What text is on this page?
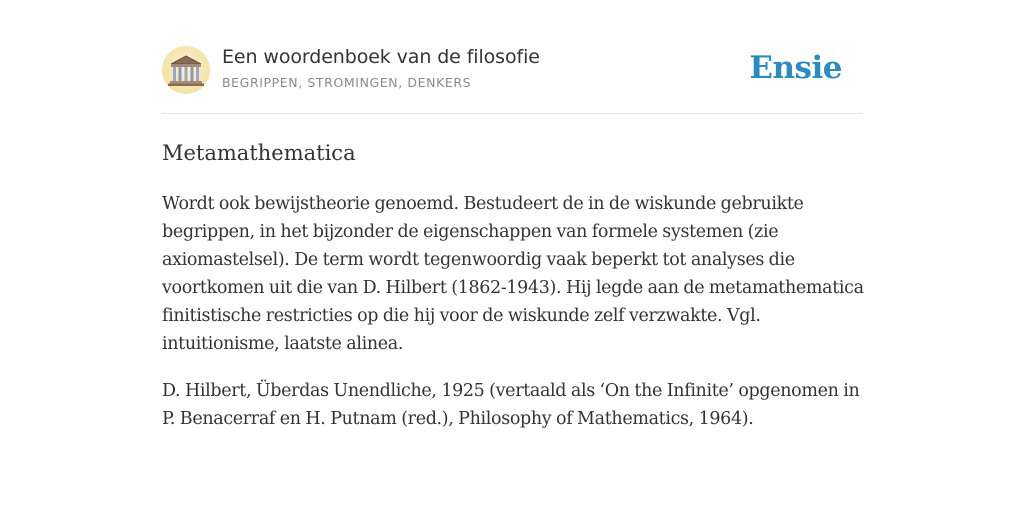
Een woordenboek van de filosofie
BEGRIPPEN, STROMINGEN, DENKERS	Ensie
Metamathematica

Wordt ook bewijstheorie genoemd. Bestudeert de in de wiskunde gebruikte begrippen, in het bijzonder de eigenschappen van formele systemen (zie axiomastelsel). De term wordt tegenwoordig vaak beperkt tot analyses die voortkomen uit die van D. Hilbert (1862-1943). Hij legde aan de metamathematica finitistische restricties op die hij voor de wiskunde zelf verzwakte. Vgl. intuitionisme, laatste alinea.

D. Hilbert, Überdas Unendliche, 1925 (vertaald als ‘On the Infinite’ opgenomen in P. Benacerraf en H. Putnam (red.), Philosophy of Mathematics, 1964).
